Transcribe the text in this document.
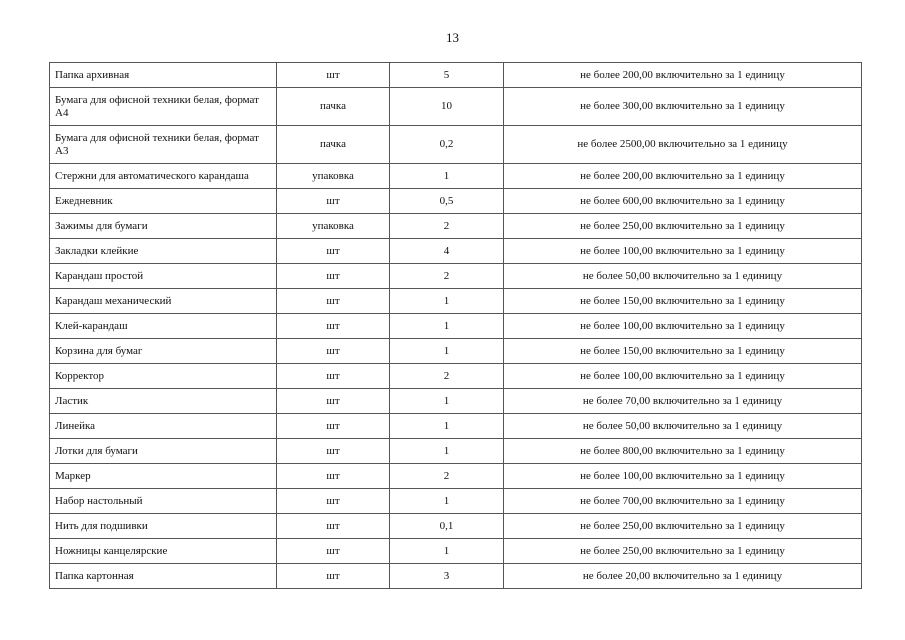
13
Папка архивная	шт	5	не более 200,00 включительно за 1 единицу
Бумага для офисной техники белая, формат А4	пачка	10	не более 300,00 включительно за 1 единицу
Бумага для офисной техники белая, формат А3	пачка	0,2	не более 2500,00 включительно за 1 единицу
Стержни для автоматического карандаша	упаковка	1	не более 200,00 включительно за 1 единицу
Ежедневник	шт	0,5	не более 600,00 включительно за 1 единицу
Зажимы для бумаги	упаковка	2	не более 250,00 включительно за 1 единицу
Закладки клейкие	шт	4	не более 100,00 включительно за 1 единицу
Карандаш простой	шт	2	не более 50,00 включительно за 1 единицу
Карандаш механический	шт	1	не более 150,00 включительно за 1 единицу
Клей-карандаш	шт	1	не более 100,00 включительно за 1 единицу
Корзина для бумаг	шт	1	не более 150,00 включительно за 1 единицу
Корректор	шт	2	не более 100,00 включительно за 1 единицу
Ластик	шт	1	не более 70,00 включительно за 1 единицу
Линейка	шт	1	не более 50,00 включительно за 1 единицу
Лотки для бумаги	шт	1	не более 800,00 включительно за 1 единицу
Маркер	шт	2	не более 100,00 включительно за 1 единицу
Набор настольный	шт	1	не более 700,00 включительно за 1 единицу
Нить для подшивки	шт	0,1	не более 250,00 включительно за 1 единицу
Ножницы канцелярские	шт	1	не более 250,00 включительно за 1 единицу
Папка картонная	шт	3	не более 20,00 включительно за 1 единицу
